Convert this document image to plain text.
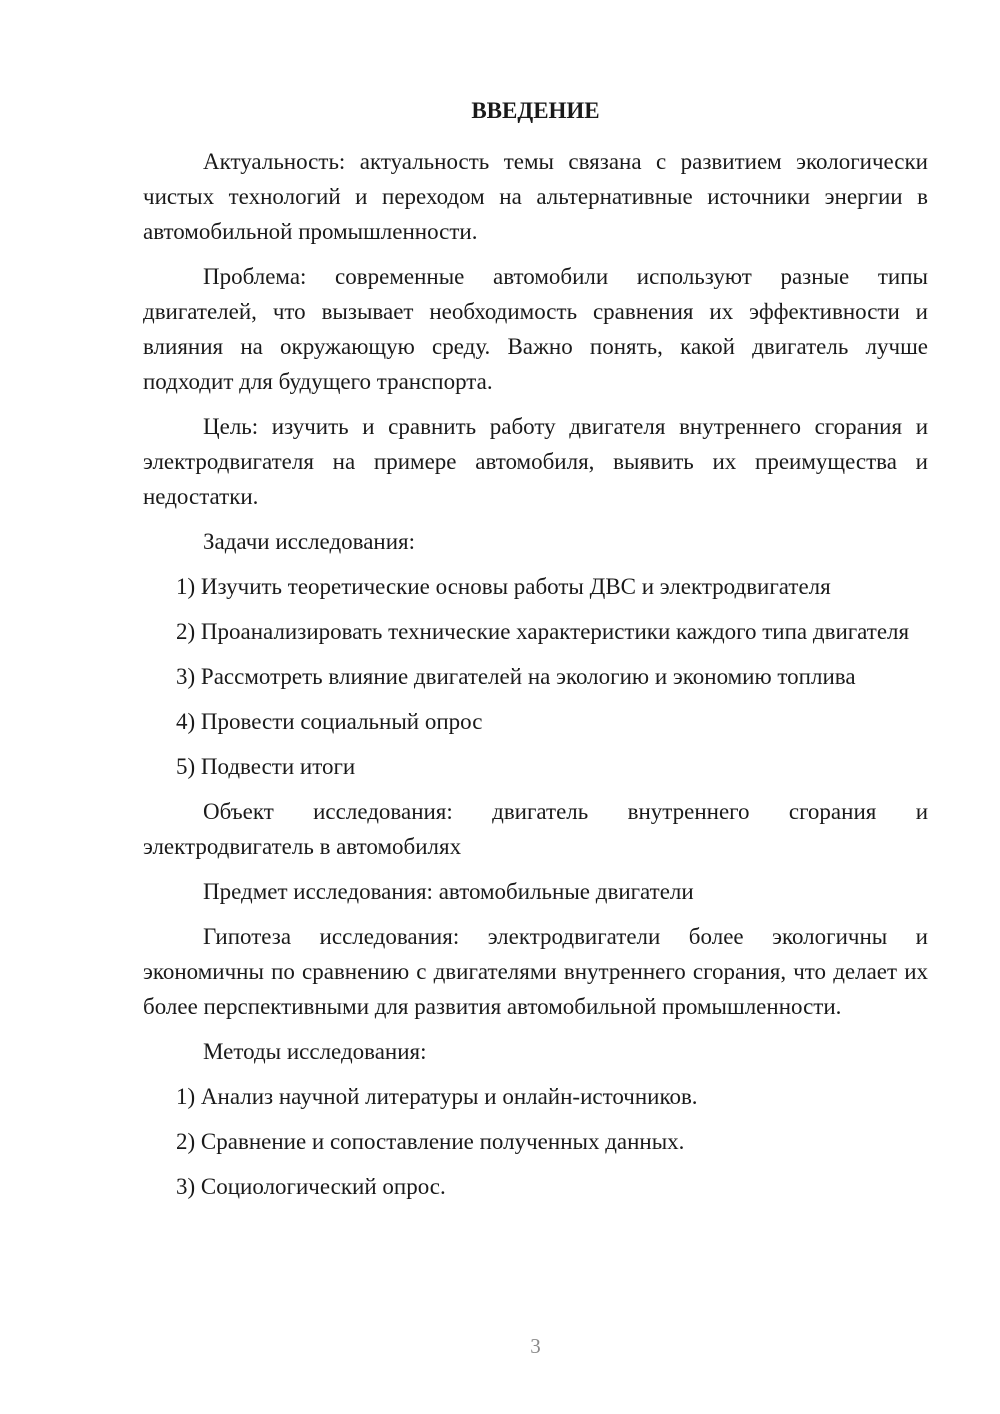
ВВЕДЕНИЕ

Актуальность: актуальность темы связана с развитием экологически чистых технологий и переходом на альтернативные источники энергии в автомобильной промышленности.

Проблема: современные автомобили используют разные типы двигателей, что вызывает необходимость сравнения их эффективности и влияния на окружающую среду. Важно понять, какой двигатель лучше подходит для будущего транспорта.

Цель: изучить и сравнить работу двигателя внутреннего сгорания и электродвигателя на примере автомобиля, выявить их преимущества и недостатки.

Задачи исследования:

1) Изучить теоретические основы работы ДВС и электродвигателя

2) Проанализировать технические характеристики каждого типа двигателя

3) Рассмотреть влияние двигателей на экологию и экономию топлива

4) Провести социальный опрос

5) Подвести итоги

Объект исследования: двигатель внутреннего сгорания и электродвигатель в автомобилях

Предмет исследования: автомобильные двигатели

Гипотеза исследования: электродвигатели более экологичны и экономичны по сравнению с двигателями внутреннего сгорания, что делает их более перспективными для развития автомобильной промышленности.

Методы исследования:

1) Анализ научной литературы и онлайн-источников.

2) Сравнение и сопоставление полученных данных.

3) Социологический опрос.

3
